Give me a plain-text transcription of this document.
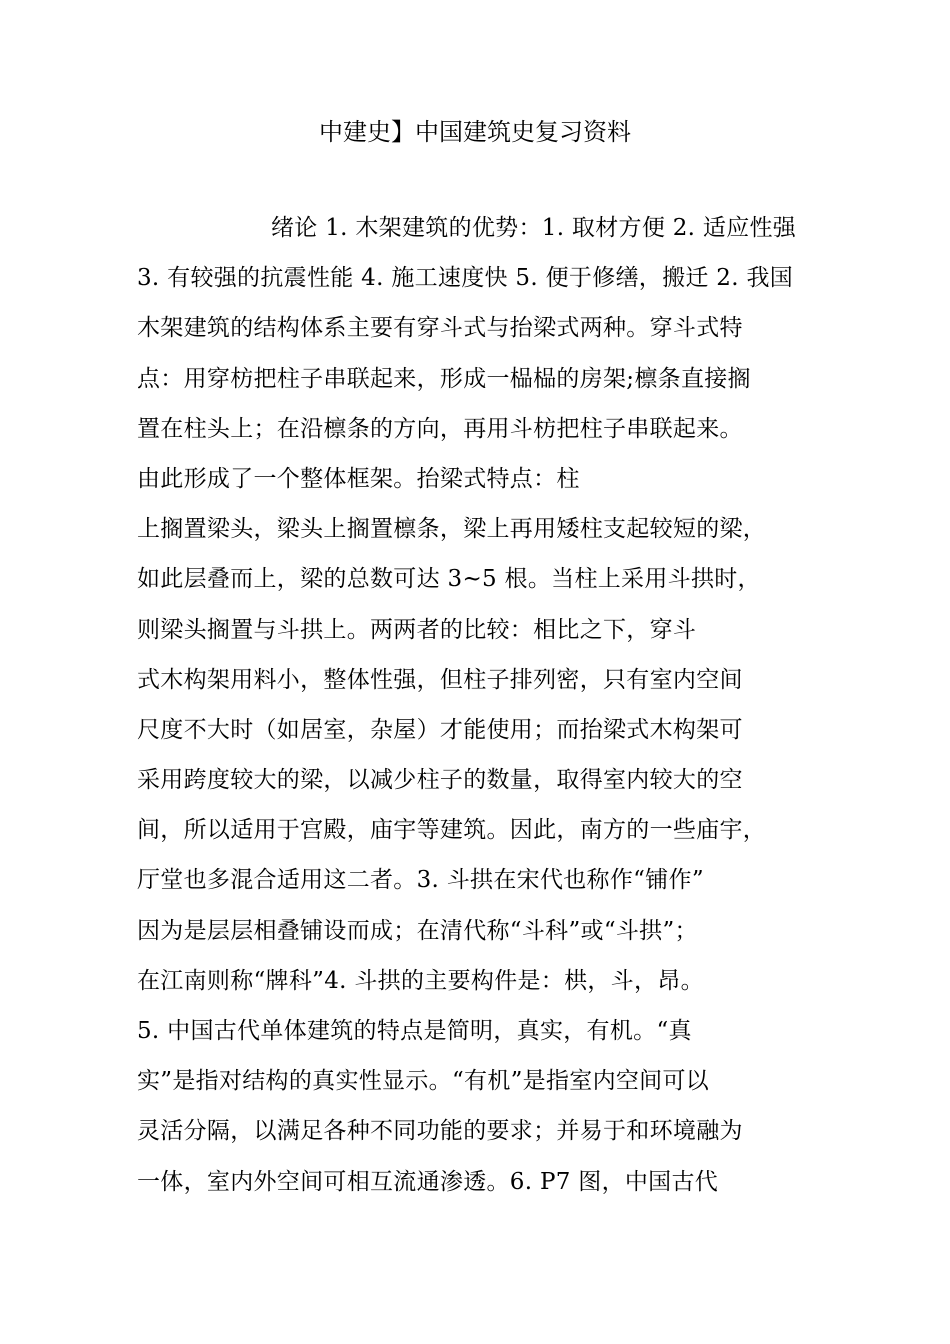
中建史】中国建筑史复习资料
绪论 1. 木架建筑的优势：1. 取材方便 2. 适应性强
3. 有较强的抗震性能 4. 施工速度快 5. 便于修缮，搬迁 2. 我国
木架建筑的结构体系主要有穿斗式与抬梁式两种。穿斗式特
点：用穿枋把柱子串联起来，形成一榀榀的房架;檩条直接搁
置在柱头上；在沿檩条的方向，再用斗枋把柱子串联起来。
由此形成了一个整体框架。抬梁式特点：柱
上搁置梁头，梁头上搁置檩条，梁上再用矮柱支起较短的梁，
如此层叠而上，梁的总数可达 3~5 根。当柱上采用斗拱时，
则梁头搁置与斗拱上。两两者的比较：相比之下，穿斗
式木构架用料小，整体性强，但柱子排列密，只有室内空间
尺度不大时（如居室，杂屋）才能使用；而抬梁式木构架可
采用跨度较大的梁，以减少柱子的数量，取得室内较大的空
间，所以适用于宫殿，庙宇等建筑。因此，南方的一些庙宇，
厅堂也多混合适用这二者。3. 斗拱在宋代也称作“铺作”
因为是层层相叠铺设而成；在清代称“斗科”或“斗拱”；
在江南则称“牌科”4. 斗拱的主要构件是：栱，斗，昂。
5. 中国古代单体建筑的特点是简明，真实，有机。“真
实”是指对结构的真实性显示。“有机”是指室内空间可以
灵活分隔，以满足各种不同功能的要求；并易于和环境融为
一体，室内外空间可相互流通渗透。6. P7 图，中国古代
